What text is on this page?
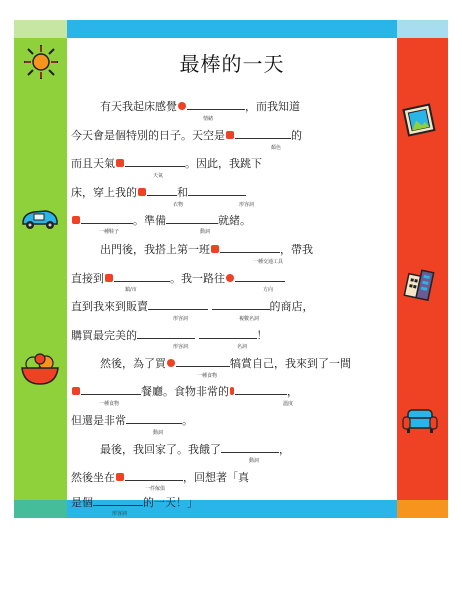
最棒的一天
有天我起床感覺	，而我知道
情緒
今天會是個特別的日子。天空是	的
顏色
而且天氣	。因此，我跳下
天氣
床，穿上我的	和
衣物	形容詞
。準備	就緒。
一種鞋子	動詞
出門後，我搭上第一班	，帶我
一種交通工具
直接到	。我一路往
鎮/市	方向
直到我來到販賣	的商店，
形容詞	複數名詞
購買最完美的	！
形容詞	名詞
然後，為了買	犒賞自己，我來到了一間
一種食物
餐廳。食物非常的	，
一種食物	溫度
但還是非常	。
動詞
最後，我回家了。我餓了	，
動詞
然後坐在	，回想著「真
一件傢俱
是個	的一天！」
形容詞
